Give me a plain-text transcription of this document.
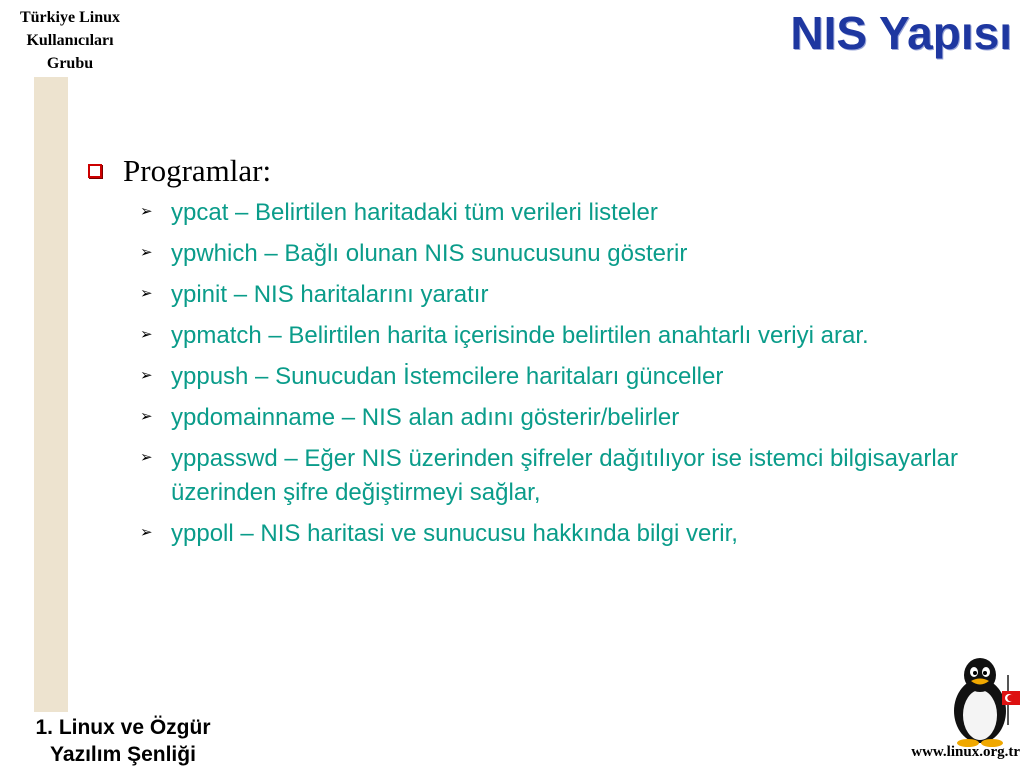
Türkiye Linux
Kullanıcıları
Grubu
NIS Yapısı
Programlar:
➢ ypcat – Belirtilen haritadaki tüm verileri listeler
➢ ypwhich – Bağlı olunan NIS sunucusunu gösterir
➢ ypinit – NIS haritalarını yaratır
➢ ypmatch – Belirtilen harita içerisinde belirtilen anahtarlı veriyi arar.
➢ yppush – Sunucudan İstemcilere haritaları günceller
➢ ypdomainname – NIS alan adını gösterir/belirler
➢ yppasswd – Eğer NIS üzerinden şifreler dağıtılıyor ise istemci bilgisayarlar üzerinden şifre değiştirmeyi sağlar,
➢ yppoll – NIS haritasi ve sunucusu hakkında bilgi verir,
1. Linux ve Özgür
Yazılım Şenliği	www.linux.org.tr
